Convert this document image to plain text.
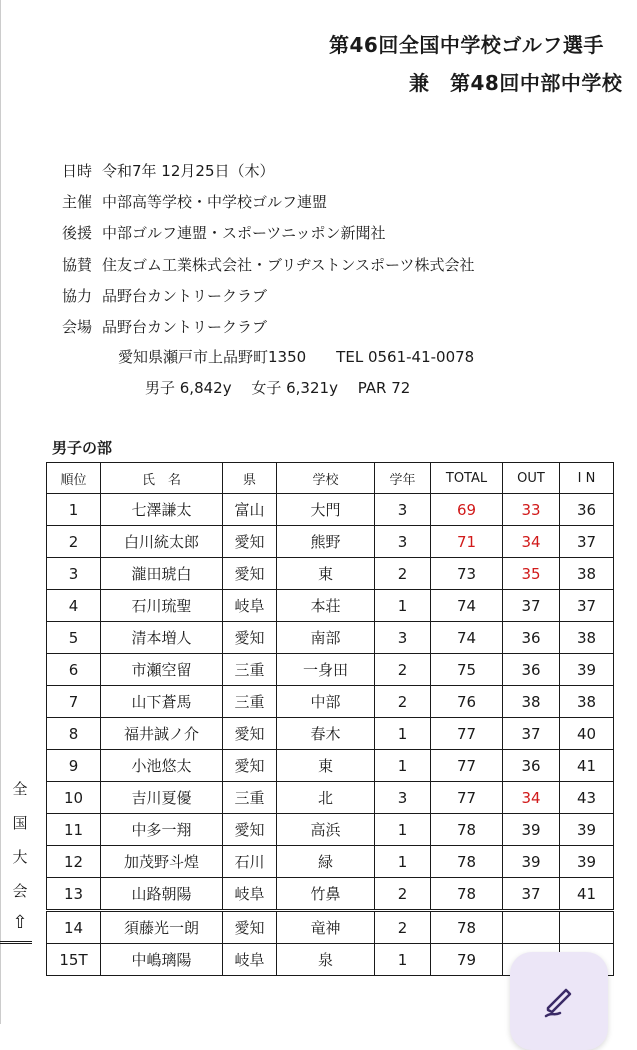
第46回全国中学校ゴルフ選手
兼　第48回中部中学校
日時 令和7年 12月25日（木）
主催 中部高等学校・中学校ゴルフ連盟
後援 中部ゴルフ連盟・スポーツニッポン新聞社
協賛 住友ゴム工業株式会社・ブリヂストンスポーツ株式会社
協力 品野台カントリークラブ
会場 品野台カントリークラブ
愛知県瀬戸市上品野町1350　　TEL 0561-41-0078
男子 6,842y　 女子 6,321y　 PAR 72
男子の部
全
国
大
会
⇧
順位	氏　名	県	学校	学年	TOTAL	OUT	I N
1	七澤謙太	富山	大門	3	69	33	36
2	白川統太郎	愛知	熊野	3	71	34	37
3	瀧田琥白	愛知	東	2	73	35	38
4	石川琉聖	岐阜	本荘	1	74	37	37
5	清本増人	愛知	南部	3	74	36	38
6	市瀬空留	三重	一身田	2	75	36	39
7	山下蒼馬	三重	中部	2	76	38	38
8	福井誠ノ介	愛知	春木	1	77	37	40
9	小池悠太	愛知	東	1	77	36	41
10	吉川夏優	三重	北	3	77	34	43
11	中多一翔	愛知	高浜	1	78	39	39
12	加茂野斗煌	石川	緑	1	78	39	39
13	山路朝陽	岐阜	竹鼻	2	78	37	41
14	須藤光一朗	愛知	竜神	2	78		
15T	中嶋璃陽	岐阜	泉	1	79		
